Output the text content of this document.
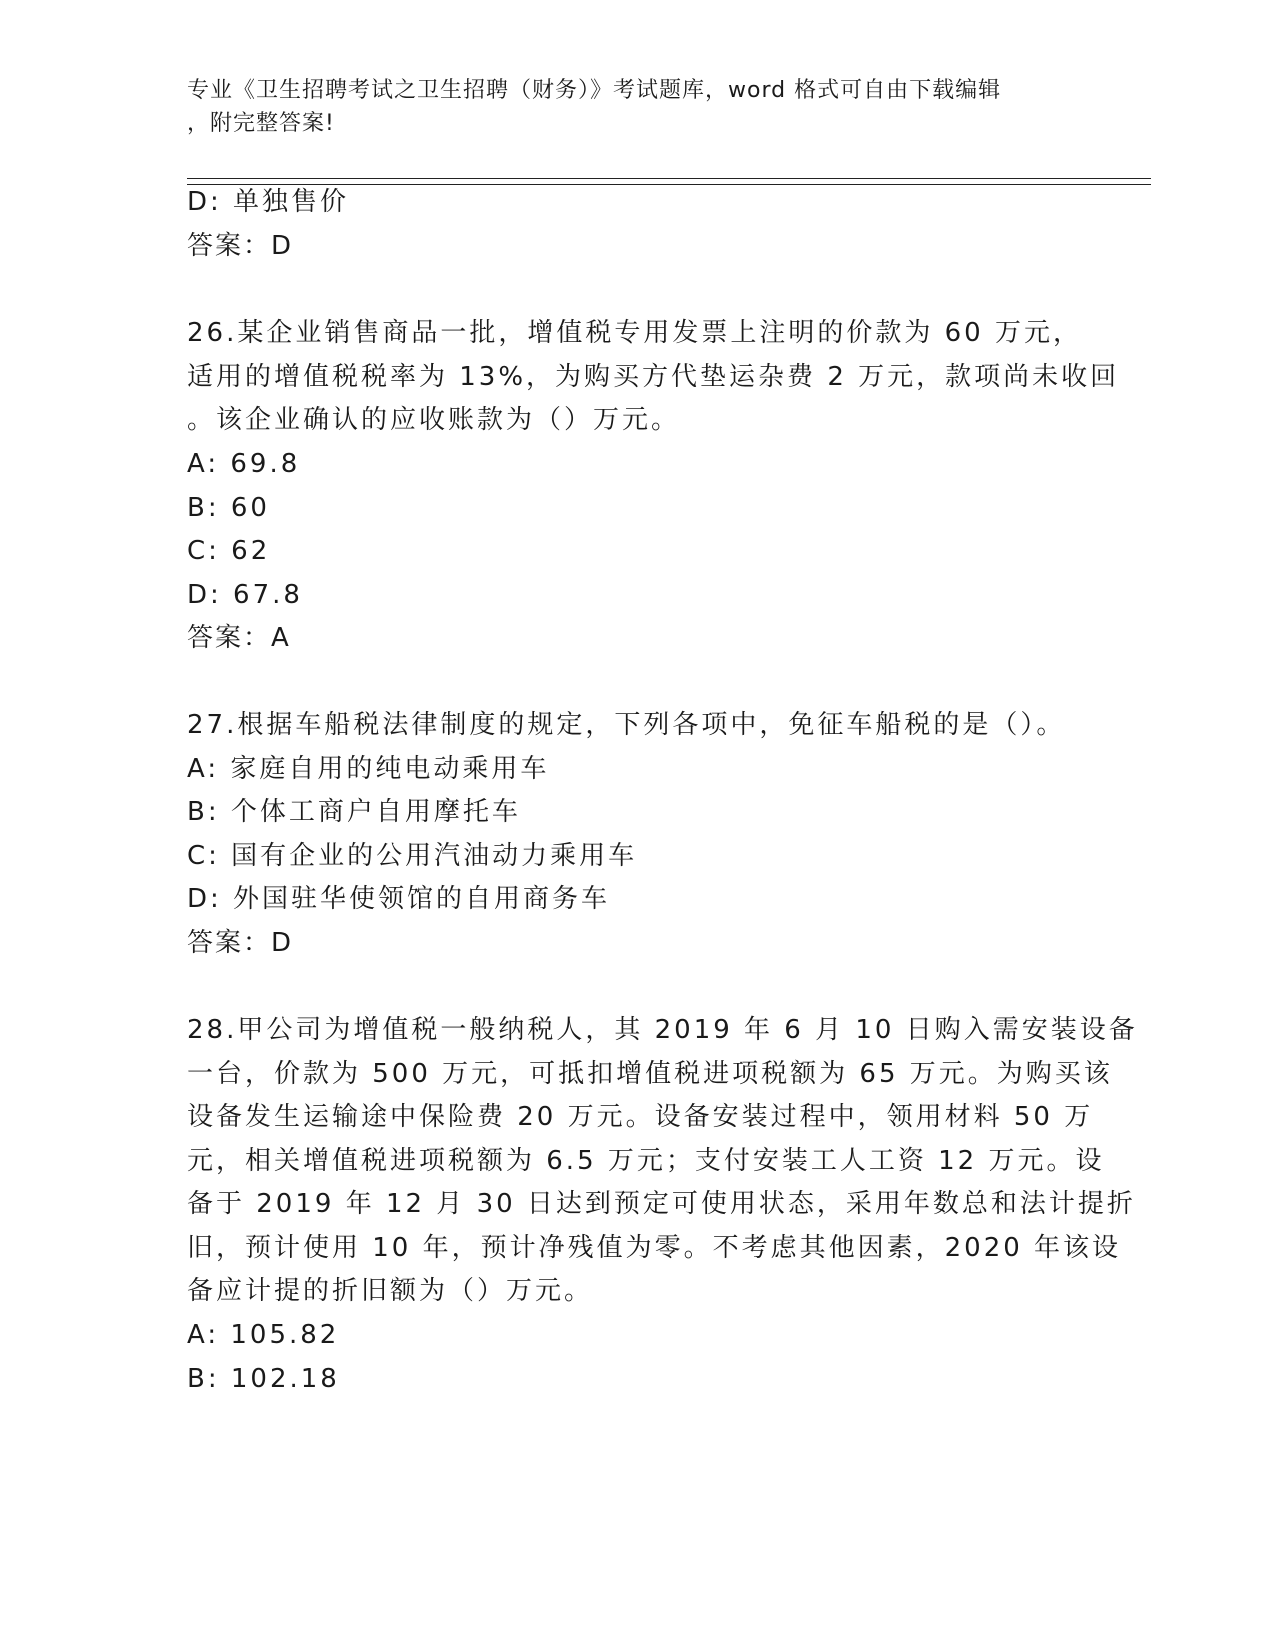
专业《卫生招聘考试之卫生招聘（财务）》考试题库，word 格式可自由下载编辑
，附完整答案!
D: 单独售价
答案：D
26.某企业销售商品一批，增值税专用发票上注明的价款为 60 万元，
适用的增值税税率为 13%，为购买方代垫运杂费 2 万元，款项尚未收回
。该企业确认的应收账款为（）万元。
A: 69.8
B: 60
C: 62
D: 67.8
答案：A
27.根据车船税法律制度的规定，下列各项中，免征车船税的是（）。
A: 家庭自用的纯电动乘用车
B: 个体工商户自用摩托车
C: 国有企业的公用汽油动力乘用车
D: 外国驻华使领馆的自用商务车
答案：D
28.甲公司为增值税一般纳税人，其 2019 年 6 月 10 日购入需安装设备
一台，价款为 500 万元，可抵扣增值税进项税额为 65 万元。为购买该
设备发生运输途中保险费 20 万元。设备安装过程中，领用材料 50 万
元，相关增值税进项税额为 6.5 万元；支付安装工人工资 12 万元。设
备于 2019 年 12 月 30 日达到预定可使用状态，采用年数总和法计提折
旧，预计使用 10 年，预计净残值为零。不考虑其他因素，2020 年该设
备应计提的折旧额为（）万元。
A: 105.82
B: 102.18
